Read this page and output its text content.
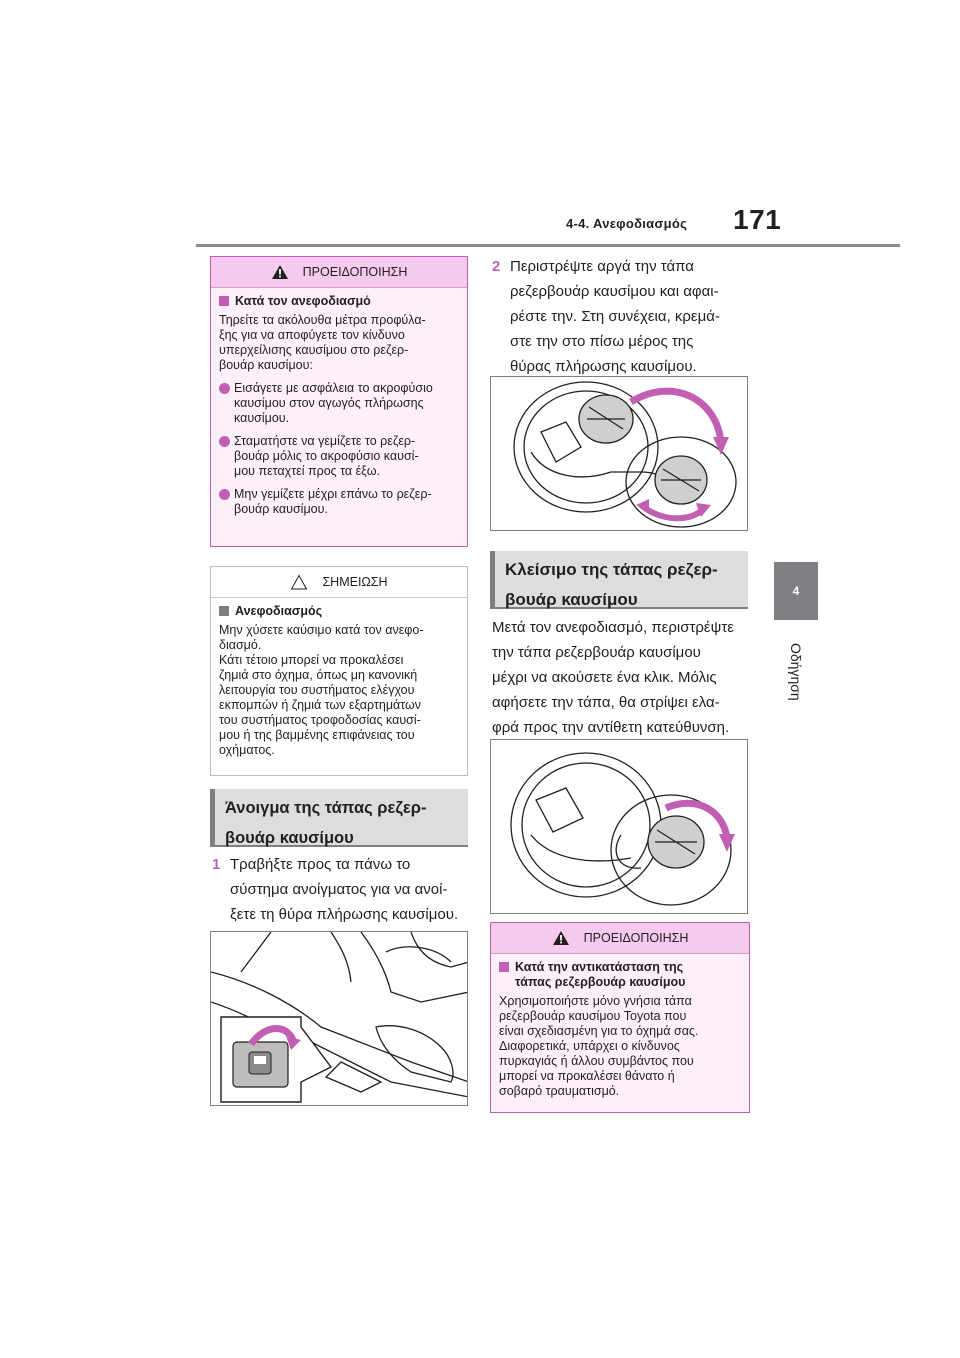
4-4. Ανεφοδιασμός 171
4
Οδήγηση
ΠΡΟΕΙΔΟΠΟΙΗΣΗ
Κατά τον ανεφοδιασμό
Τηρείτε τα ακόλουθα μέτρα προφύλα-
ξης για να αποφύγετε τον κίνδυνο
υπερχείλισης καυσίμου στο ρεζερ-
βουάρ καυσίμου:
Εισάγετε με ασφάλεια το ακροφύσιο
καυσίμου στον αγωγός πλήρωσης
καυσίμου.
Σταματήστε να γεμίζετε το ρεζερ-
βουάρ μόλις το ακροφύσιο καυσί-
μου πεταχτεί προς τα έξω.
Μην γεμίζετε μέχρι επάνω το ρεζερ-
βουάρ καυσίμου.
ΣΗΜΕΙΩΣΗ
Ανεφοδιασμός
Μην χύσετε καύσιμο κατά τον ανεφο-
διασμό.
Κάτι τέτοιο μπορεί να προκαλέσει
ζημιά στο όχημα, όπως μη κανονική
λειτουργία του συστήματος ελέγχου
εκπομπών ή ζημιά των εξαρτημάτων
του συστήματος τροφοδοσίας καυσί-
μου ή της βαμμένης επιφάνειας του
οχήματος.
Άνοιγμα της τάπας ρεζερ-
βουάρ καυσίμου
1 Τραβήξτε προς τα πάνω το
σύστημα ανοίγματος για να ανοί-
ξετε τη θύρα πλήρωσης καυσίμου.
2 Περιστρέψτε αργά την τάπα
ρεζερβουάρ καυσίμου και αφαι-
ρέστε την. Στη συνέχεια, κρεμά-
στε την στο πίσω μέρος της
θύρας πλήρωσης καυσίμου.
Κλείσιμο της τάπας ρεζερ-
βουάρ καυσίμου
Μετά τον ανεφοδιασμό, περιστρέψτε
την τάπα ρεζερβουάρ καυσίμου
μέχρι να ακούσετε ένα κλικ. Μόλις
αφήσετε την τάπα, θα στρίψει ελα-
φρά προς την αντίθετη κατεύθυνση.
ΠΡΟΕΙΔΟΠΟΙΗΣΗ
Κατά την αντικατάσταση της
τάπας ρεζερβουάρ καυσίμου
Χρησιμοποιήστε μόνο γνήσια τάπα
ρεζερβουάρ καυσίμου Toyota που
είναι σχεδιασμένη για το όχημά σας.
Διαφορετικά, υπάρχει ο κίνδυνος
πυρκαγιάς ή άλλου συμβάντος που
μπορεί να προκαλέσει θάνατο ή
σοβαρό τραυματισμό.
